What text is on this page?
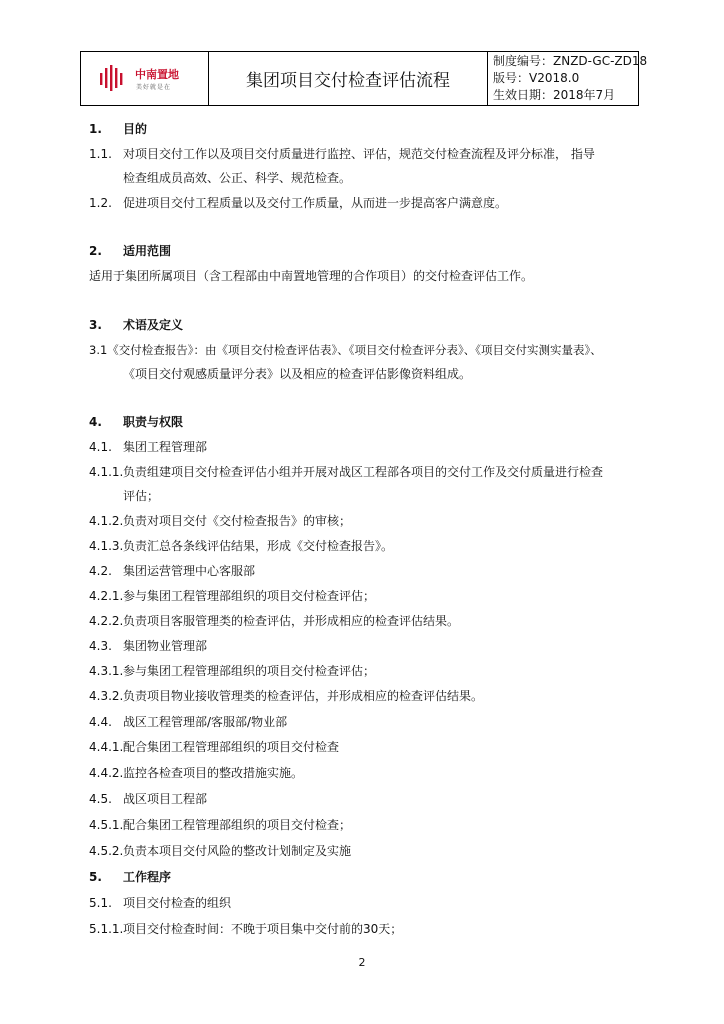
中南置地
美好就是在	集团项目交付检查评估流程	
制度编号：ZNZD-GC-ZD18
版号：V2018.0
生效日期：2018年7月
1. 目的
1.1. 对项目交付工作以及项目交付质量进行监控、评估，规范交付检查流程及评分标准， 指导
检查组成员高效、公正、科学、规范检查。
1.2. 促进项目交付工程质量以及交付工作质量，从而进一步提高客户满意度。
2. 适用范围
适用于集团所属项目（含工程部由中南置地管理的合作项目）的交付检查评估工作。
3. 术语及定义
3.1《交付检查报告》：由《项目交付检查评估表》、《项目交付检查评分表》、《项目交付实测实量表》、
《项目交付观感质量评分表》以及相应的检查评估影像资料组成。
4. 职责与权限
4.1. 集团工程管理部
4.1.1. 负责组建项目交付检查评估小组并开展对战区工程部各项目的交付工作及交付质量进行检查
评估；
4.1.2. 负责对项目交付《交付检查报告》的审核；
4.1.3. 负责汇总各条线评估结果，形成《交付检查报告》。
4.2. 集团运营管理中心客服部
4.2.1. 参与集团工程管理部组织的项目交付检查评估；
4.2.2. 负责项目客服管理类的检查评估，并形成相应的检查评估结果。
4.3. 集团物业管理部
4.3.1. 参与集团工程管理部组织的项目交付检查评估；
4.3.2. 负责项目物业接收管理类的检查评估，并形成相应的检查评估结果。
4.4. 战区工程管理部/客服部/物业部
4.4.1. 配合集团工程管理部组织的项目交付检查
4.4.2. 监控各检查项目的整改措施实施。
4.5. 战区项目工程部
4.5.1. 配合集团工程管理部组织的项目交付检查；
4.5.2. 负责本项目交付风险的整改计划制定及实施
5. 工作程序
5.1. 项目交付检查的组织
5.1.1. 项目交付检查时间：不晚于项目集中交付前的30天；
2
